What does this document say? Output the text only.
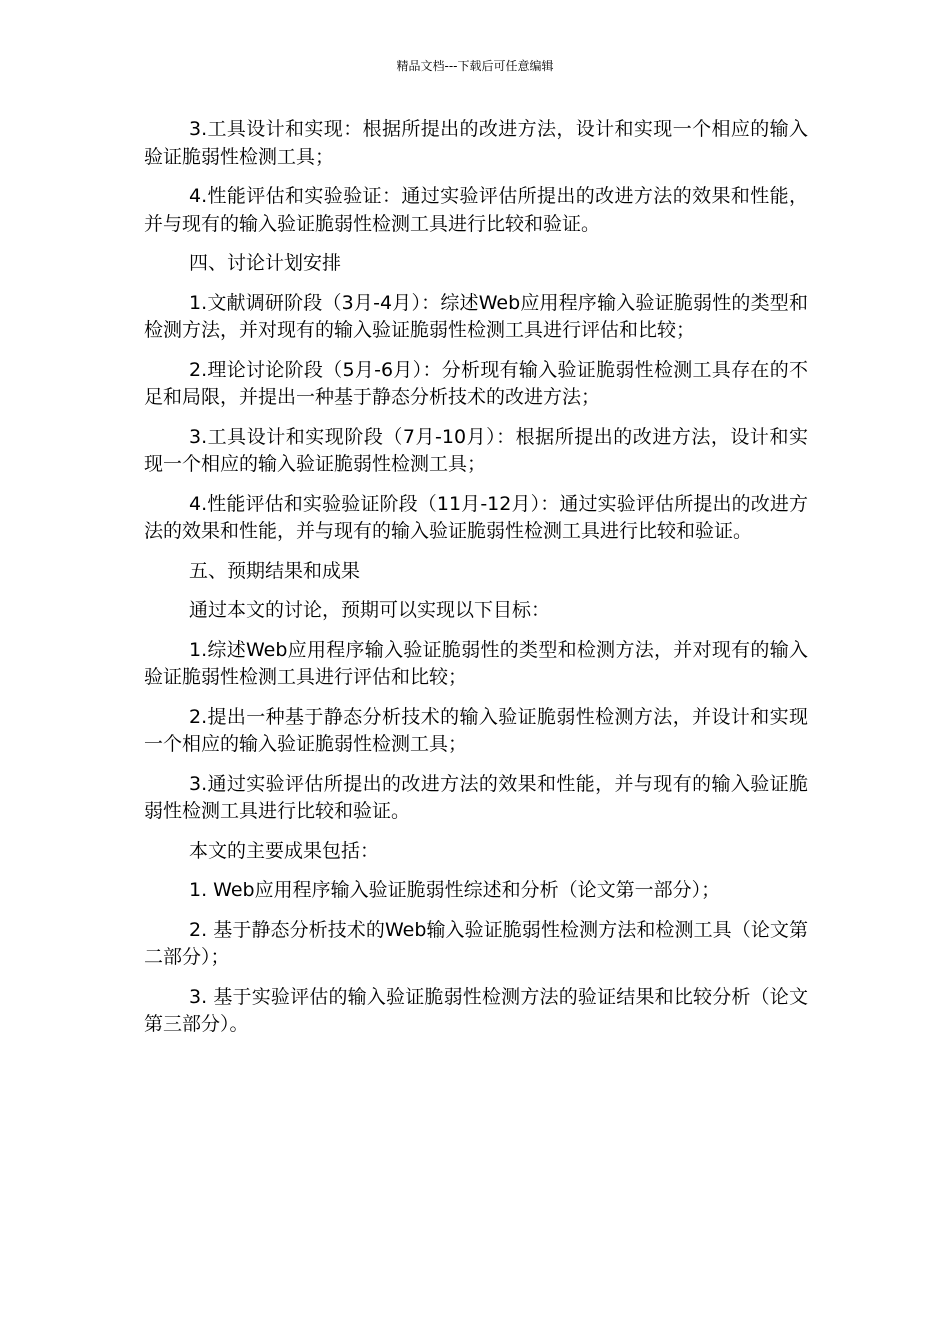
精品文档---下载后可任意编辑

3.工具设计和实现：根据所提出的改进方法，设计和实现一个相应的输入验证脆弱性检测工具；

4.性能评估和实验验证：通过实验评估所提出的改进方法的效果和性能，并与现有的输入验证脆弱性检测工具进行比较和验证。

四、讨论计划安排

1.文献调研阶段（3月-4月）：综述Web应用程序输入验证脆弱性的类型和检测方法，并对现有的输入验证脆弱性检测工具进行评估和比较；

2.理论讨论阶段（5月-6月）：分析现有输入验证脆弱性检测工具存在的不足和局限，并提出一种基于静态分析技术的改进方法；

3.工具设计和实现阶段（7月-10月）：根据所提出的改进方法，设计和实现一个相应的输入验证脆弱性检测工具；

4.性能评估和实验验证阶段（11月-12月）：通过实验评估所提出的改进方法的效果和性能，并与现有的输入验证脆弱性检测工具进行比较和验证。

五、预期结果和成果

通过本文的讨论，预期可以实现以下目标：

1.综述Web应用程序输入验证脆弱性的类型和检测方法，并对现有的输入验证脆弱性检测工具进行评估和比较；

2.提出一种基于静态分析技术的输入验证脆弱性检测方法，并设计和实现一个相应的输入验证脆弱性检测工具；

3.通过实验评估所提出的改进方法的效果和性能，并与现有的输入验证脆弱性检测工具进行比较和验证。

本文的主要成果包括：

1. Web应用程序输入验证脆弱性综述和分析（论文第一部分）；

2. 基于静态分析技术的Web输入验证脆弱性检测方法和检测工具（论文第二部分）；

3. 基于实验评估的输入验证脆弱性检测方法的验证结果和比较分析（论文第三部分）。
